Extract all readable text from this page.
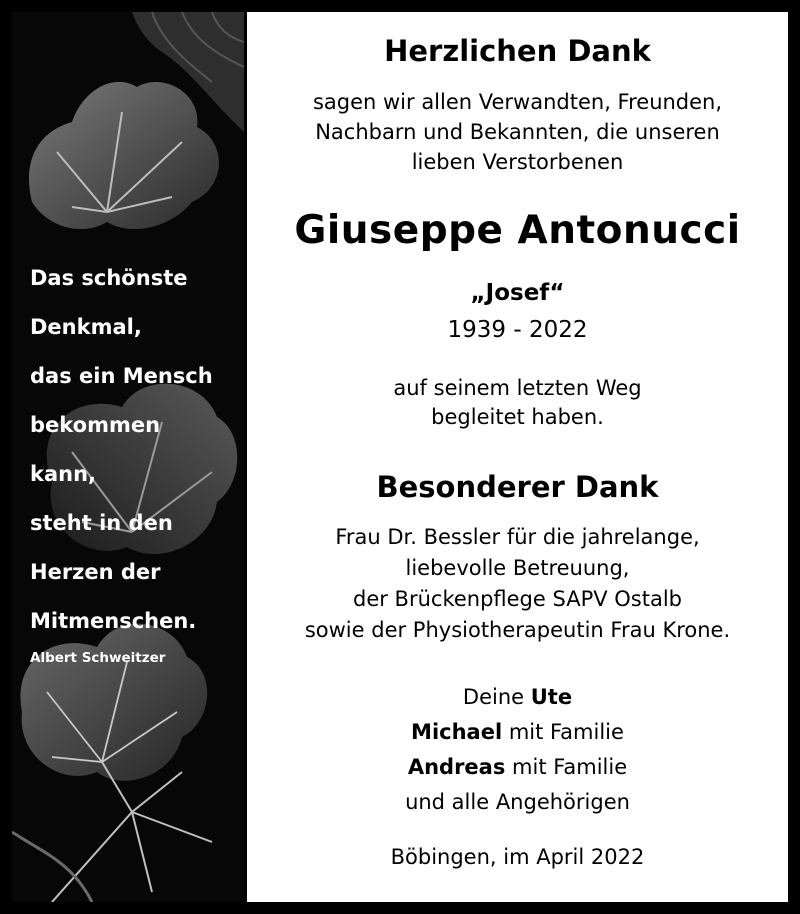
Das schönste
Denkmal,
das ein Mensch
bekommen
kann,
steht in den
Herzen der
Mitmenschen.
Albert Schweitzer
Herzlichen Dank
sagen wir allen Verwandten, Freunden,
Nachbarn und Bekannten, die unseren
lieben Verstorbenen
Giuseppe Antonucci
„Josef“
1939 - 2022
auf seinem letzten Weg
begleitet haben.
Besonderer Dank
Frau Dr. Bessler für die jahrelange,
liebevolle Betreuung,
der Brückenpflege SAPV Ostalb
sowie der Physiotherapeutin Frau Krone.
Deine Ute
Michael mit Familie
Andreas mit Familie
und alle Angehörigen
Böbingen, im April 2022
